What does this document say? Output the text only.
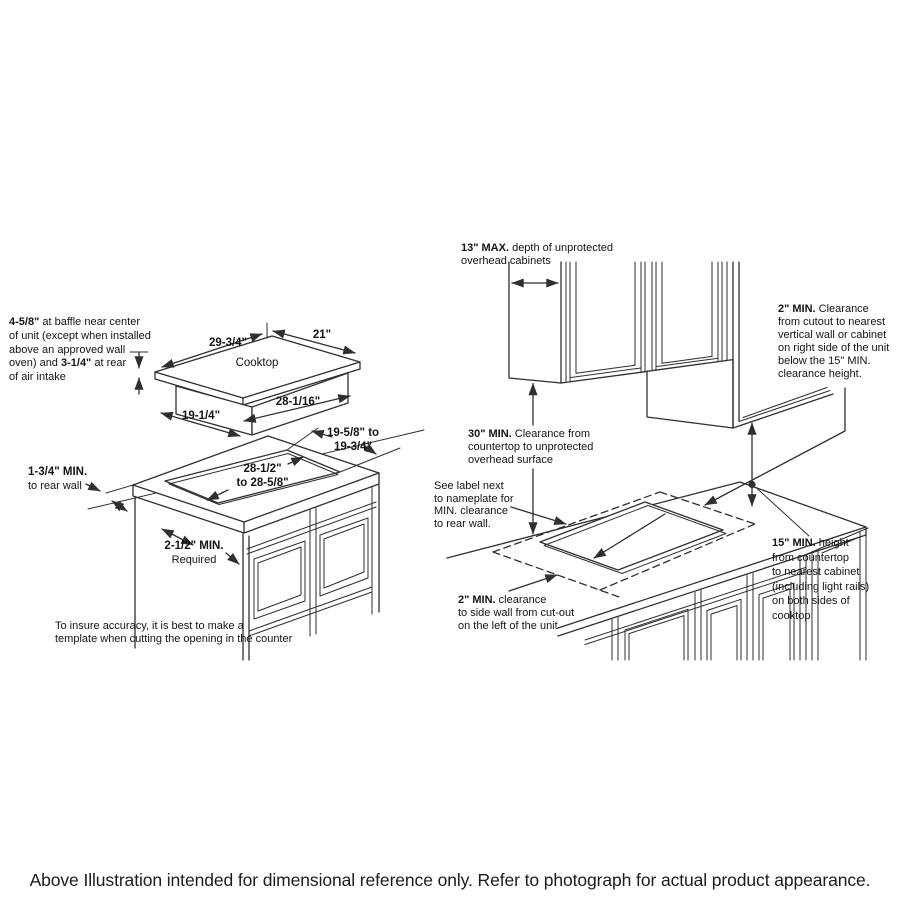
4-5/8" at baffle near center
of unit (except when installed
above an approved wall
oven) and 3-1/4" at rear
of air intake
29-3/4"
21"
Cooktop
19-1/4"
28-1/16"
19-5/8" to
19-3/4"
28-1/2"
to 28-5/8"
1-3/4" MIN.
to rear wall
2-1/2" MIN.
Required
To insure accuracy, it is best to make a
template when cutting the opening in the counter
13" MAX. depth of unprotected
overhead cabinets
2" MIN. Clearance
from cutout to nearest
vertical wall or cabinet
on right side of the unit
below the 15" MIN.
clearance height.
30" MIN. Clearance from
countertop to unprotected
overhead surface
See label next
to nameplate for
MIN. clearance
to rear wall.
15" MIN. height
from countertop
to nearest cabinet
(including light rails)
on both sides of
cooktop
2" MIN. clearance
to side wall from cut-out
on the left of the unit
Above Illustration intended for dimensional reference only. Refer to photograph for actual product appearance.
